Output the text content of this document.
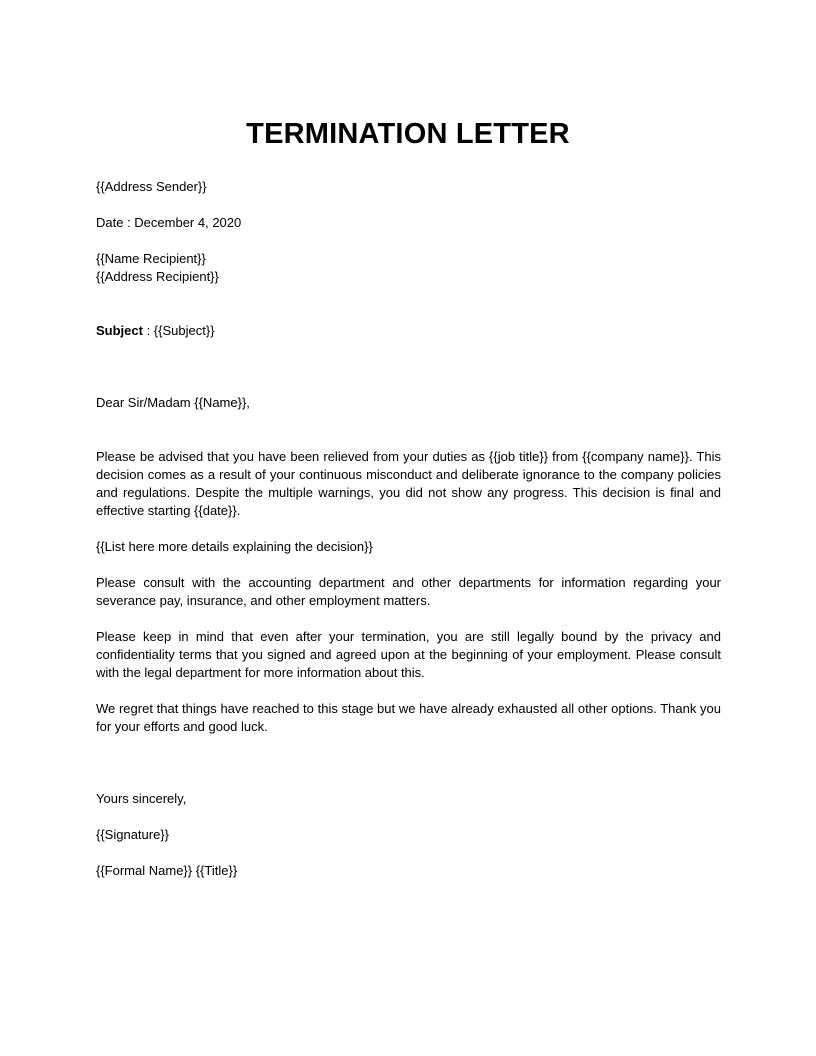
TERMINATION LETTER

{{Address Sender}}

Date : December 4, 2020

{{Name Recipient}}

{{Address Recipient}}

Subject : {{Subject}}

Dear Sir/Madam {{Name}},

Please be advised that you have been relieved from your duties as {{job title}} from {{company name}}. This decision comes as a result of your continuous misconduct and deliberate ignorance to the company policies and regulations. Despite the multiple warnings, you did not show any progress. This decision is final and effective starting {{date}}.

{{List here more details explaining the decision}}

Please consult with the accounting department and other departments for information regarding your severance pay, insurance, and other employment matters.

Please keep in mind that even after your termination, you are still legally bound by the privacy and confidentiality terms that you signed and agreed upon at the beginning of your employment. Please consult with the legal department for more information about this.

We regret that things have reached to this stage but we have already exhausted all other options. Thank you for your efforts and good luck.

Yours sincerely,

{{Signature}}

{{Formal Name}} {{Title}}
